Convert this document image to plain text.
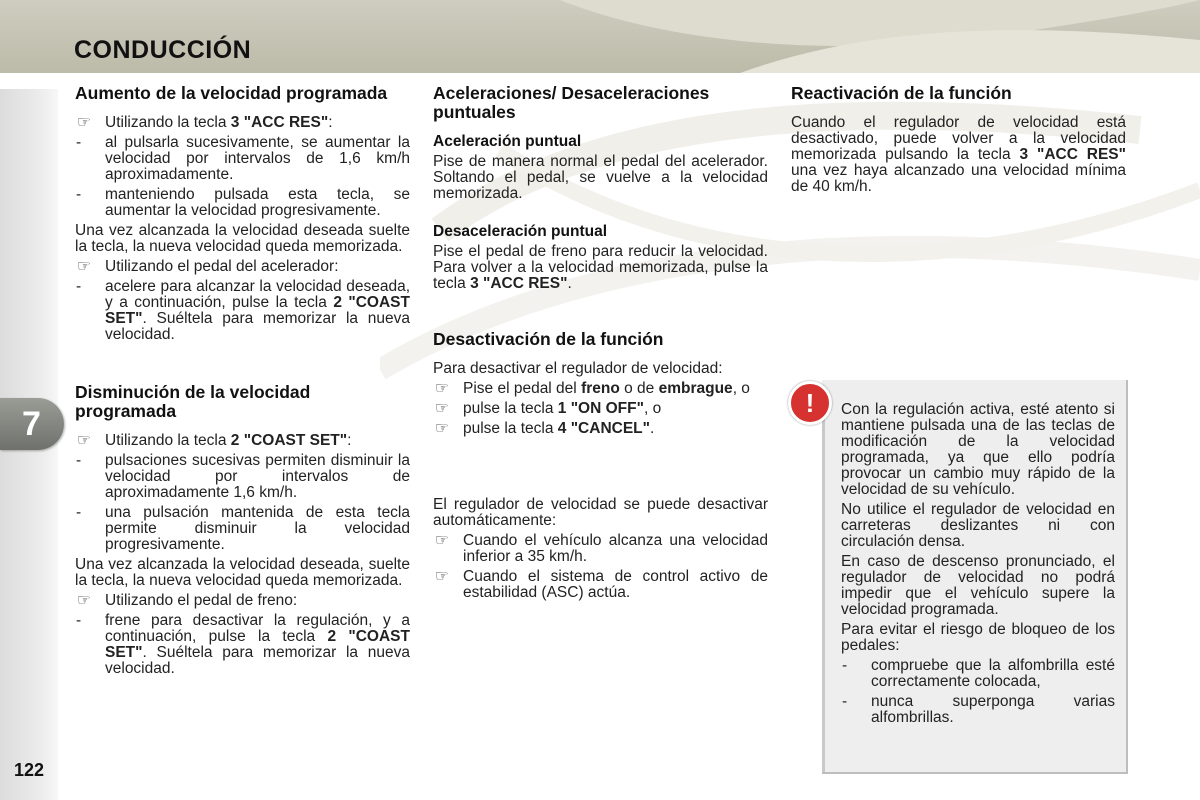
CONDUCCIÓN
7
122
Aumento de la velocidad programada
☞ Utilizando la tecla 3 "ACC RES":
- al pulsarla sucesivamente, se aumentar la velocidad por intervalos de 1,6 km/h aproximadamente.
- manteniendo pulsada esta tecla, se aumentar la velocidad progresivamente.

Una vez alcanzada la velocidad deseada suelte la tecla, la nueva velocidad queda memorizada.

☞ Utilizando el pedal del acelerador:
- acelere para alcanzar la velocidad deseada, y a continuación, pulse la tecla 2 "COAST SET". Suéltela para memorizar la nueva velocidad.
Disminución de la velocidad programada
☞ Utilizando la tecla 2 "COAST SET":
- pulsaciones sucesivas permiten disminuir la velocidad por intervalos de aproximadamente 1,6 km/h.
- una pulsación mantenida de esta tecla permite disminuir la velocidad progresivamente.

Una vez alcanzada la velocidad deseada, suelte la tecla, la nueva velocidad queda memorizada.

☞ Utilizando el pedal de freno:
- frene para desactivar la regulación, y a continuación, pulse la tecla 2 "COAST SET". Suéltela para memorizar la nueva velocidad.
Aceleraciones/ Desaceleraciones puntuales
Aceleración puntual

Pise de manera normal el pedal del acelerador. Soltando el pedal, se vuelve a la velocidad memorizada.

Desaceleración puntual

Pise el pedal de freno para reducir la velocidad. Para volver a la velocidad memorizada, pulse la tecla 3 "ACC RES".

Desactivación de la función

Para desactivar el regulador de velocidad:

☞ Pise el pedal del freno o de embrague, o
☞ pulse la tecla 1 "ON OFF", o
☞ pulse la tecla 4 "CANCEL".

El regulador de velocidad se puede desactivar automáticamente:

☞ Cuando el vehículo alcanza una velocidad inferior a 35 km/h.
☞ Cuando el sistema de control activo de estabilidad (ASC) actúa.
Reactivación de la función

Cuando el regulador de velocidad está desactivado, puede volver a la velocidad memorizada pulsando la tecla 3 "ACC RES" una vez haya alcanzado una velocidad mínima de 40 km/h.

!	Con la regulación activa, esté atento si mantiene pulsada una de las teclas de modificación de la velocidad programada, ya que ello podría provocar un cambio muy rápido de la velocidad de su vehículo.

No utilice el regulador de velocidad en carreteras deslizantes ni con circulación densa.

En caso de descenso pronunciado, el regulador de velocidad no podrá impedir que el vehículo supere la velocidad programada.

Para evitar el riesgo de bloqueo de los pedales:

- compruebe que la alfombrilla esté correctamente colocada,
- nunca superponga varias alfombrillas.
